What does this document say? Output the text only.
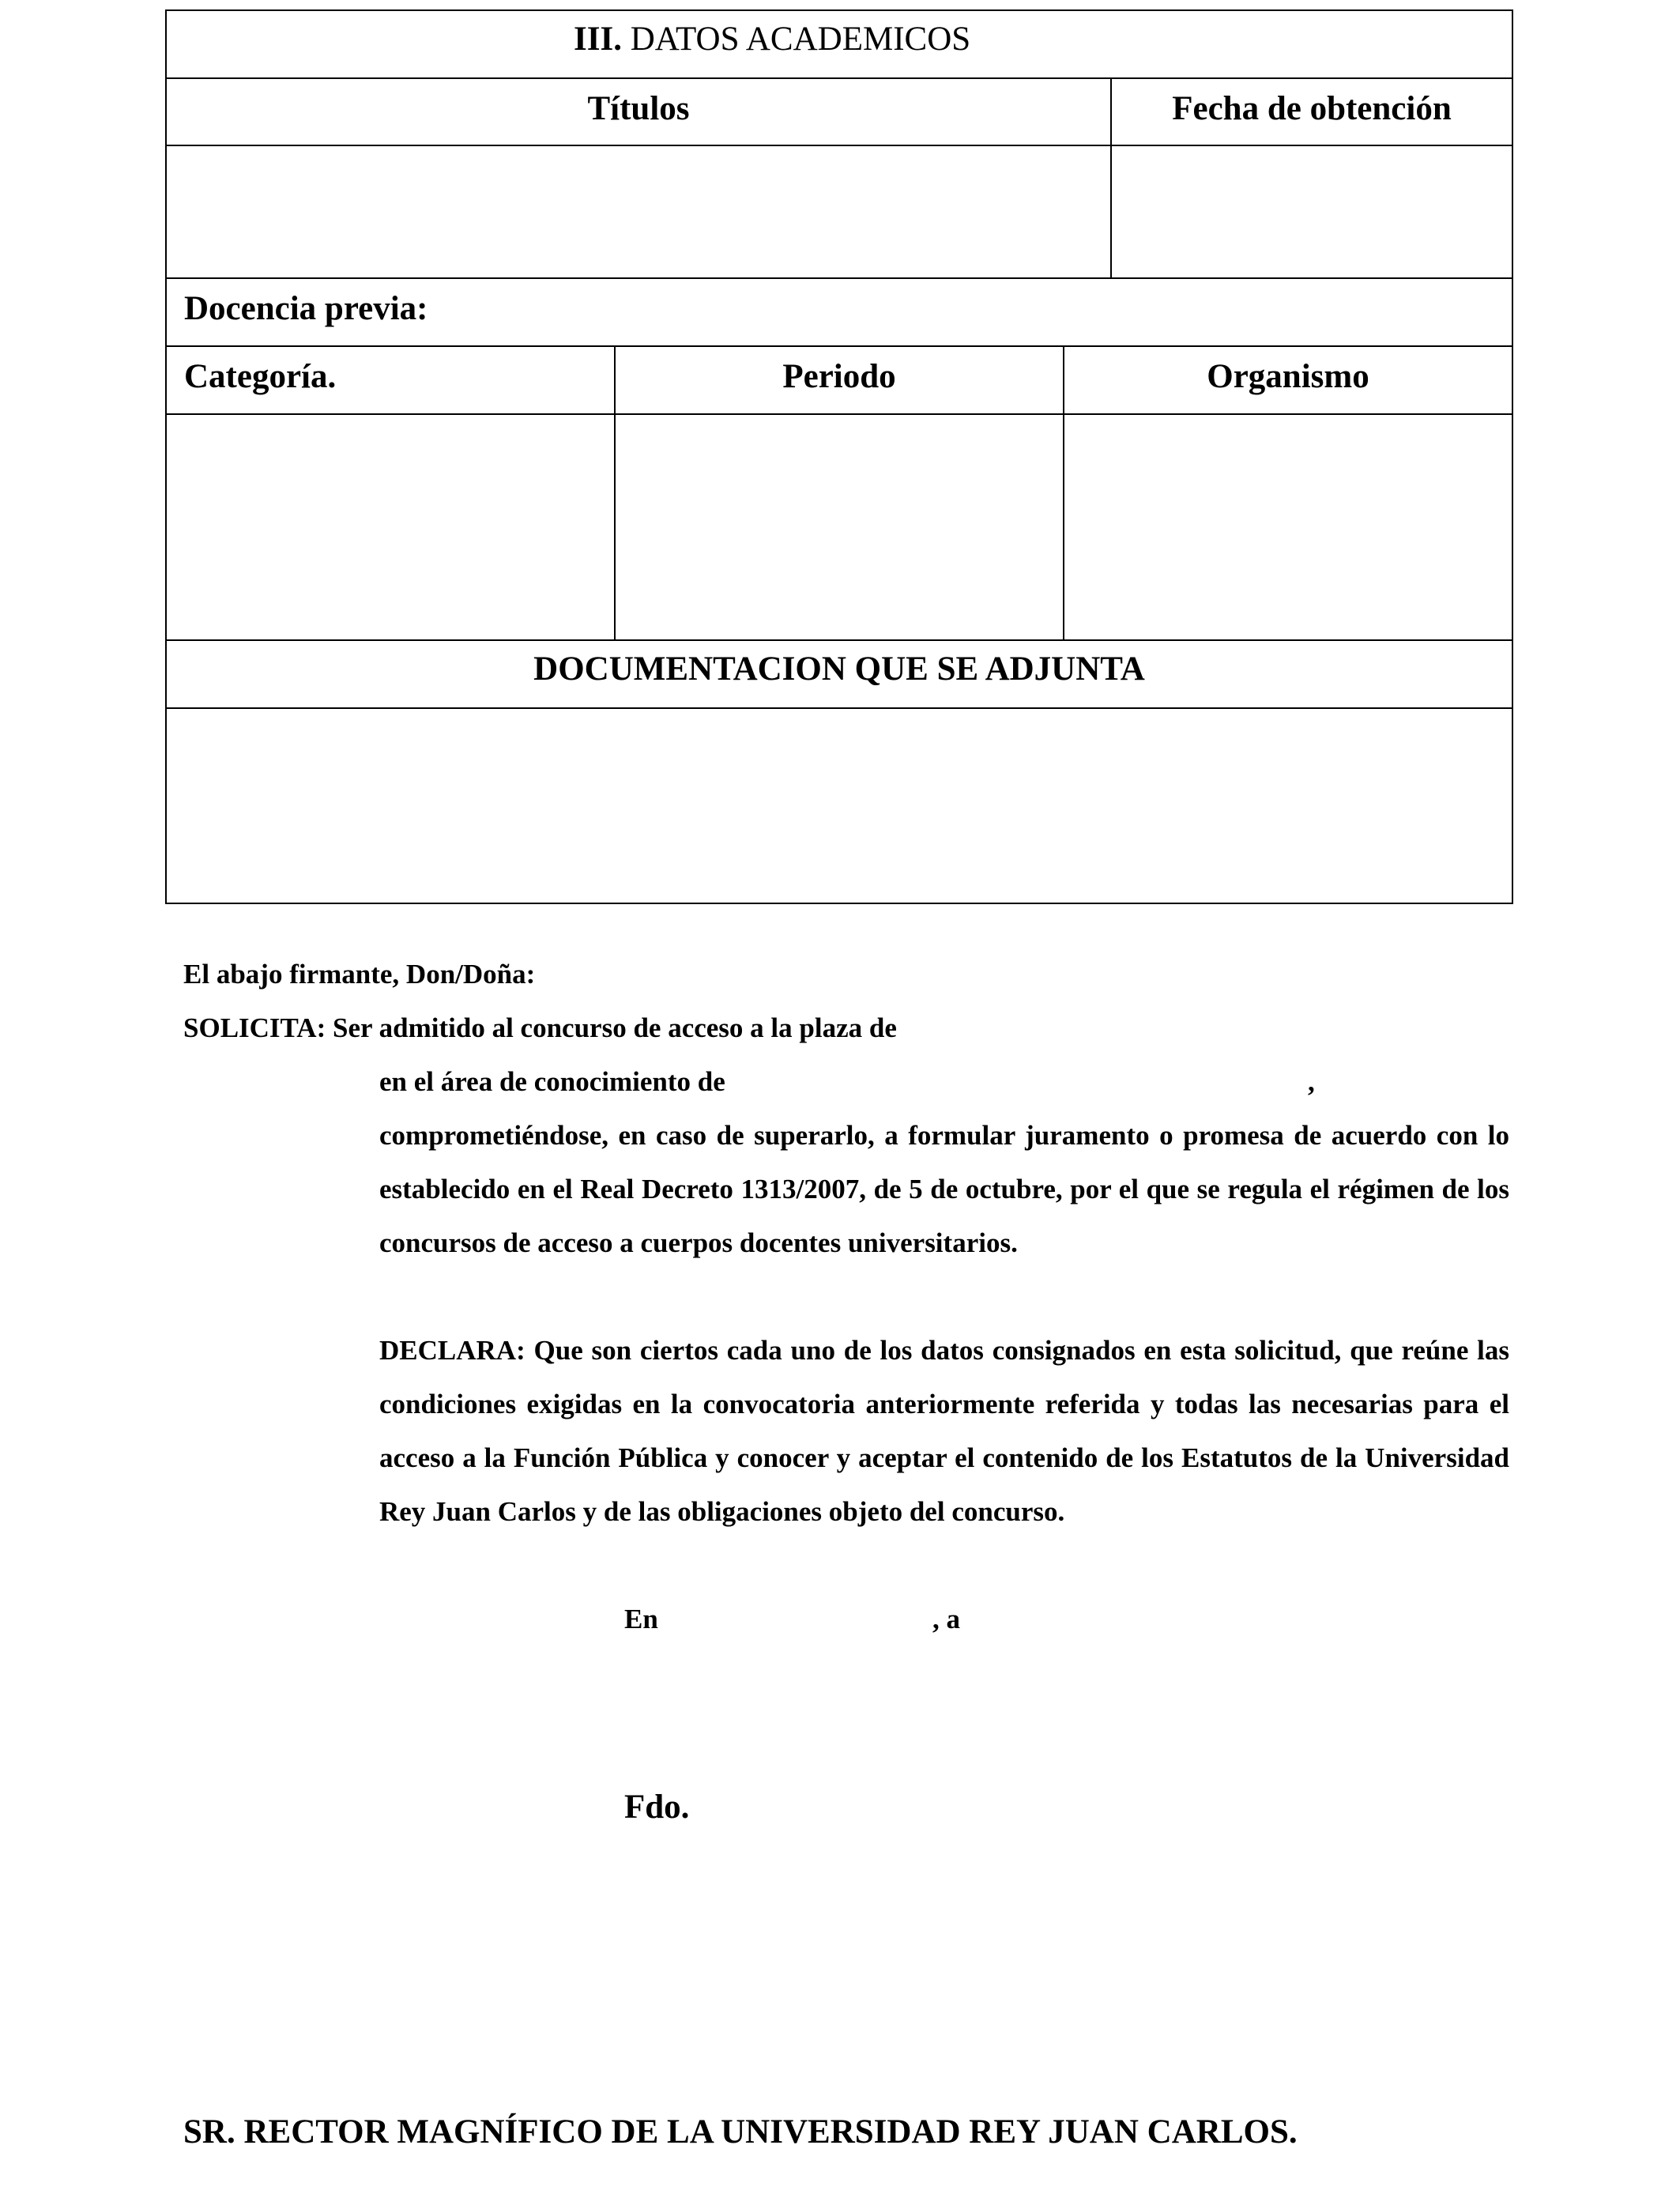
III. DATOS ACADEMICOS
Títulos	Fecha de obtención
Docencia previa:
Categoría.	Periodo	Organismo
DOCUMENTACION QUE SE ADJUNTA
El abajo firmante, Don/Doña:
SOLICITA: Ser admitido al concurso de acceso a la plaza de
en el área de conocimiento de	,
comprometiéndose, en caso de superarlo, a formular juramento o promesa de acuerdo con lo establecido en el Real Decreto 1313/2007, de 5 de octubre, por el que se regula el régimen de los concursos de acceso a cuerpos docentes universitarios.
DECLARA: Que son ciertos cada uno de los datos consignados en esta solicitud, que reúne las condiciones exigidas en la convocatoria anteriormente referida y todas las necesarias para el acceso a la Función Pública y conocer y aceptar el contenido de los Estatutos de la Universidad Rey Juan Carlos y de las obligaciones objeto del concurso.
En	, a
Fdo.
SR. RECTOR MAGNÍFICO DE LA UNIVERSIDAD REY JUAN CARLOS.
